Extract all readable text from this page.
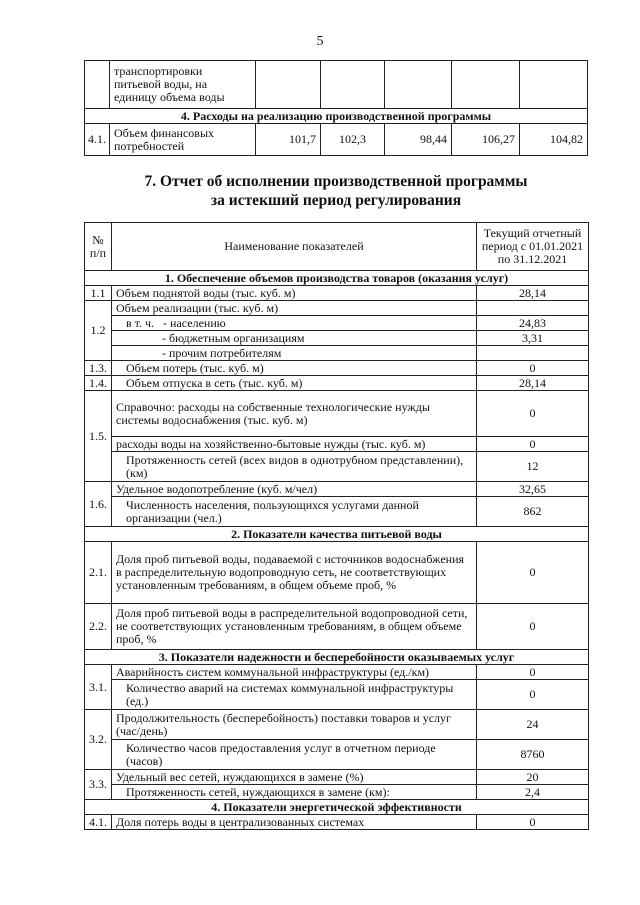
5
	транспортировки питьевой воды, на единицу объема воды					
4. Расходы на реализацию производственной программы						
4.1.	Объем финансовых потребностей	101,7	102,3	98,44	106,27	104,82
7. Отчет об исполнении производственной программы
за истекший период регулирования
№ п/п	Наименование показателей	Текущий отчетный период с 01.01.2021 по 31.12.2021
1. Обеспечение объемов производства товаров (оказания услуг)		
1.1	Объем поднятой воды (тыс. куб. м)	28,14
1.2	Объем реализации (тыс. куб. м)	
	в т. ч. - населению	24,83
	- бюджетным организациям	3,31
	- прочим потребителям	
1.3.	Объем потерь (тыс. куб. м)	0
1.4.	Объем отпуска в сеть (тыс. куб. м)	28,14
1.5.	Справочно: расходы на собственные технологические нужды системы водоснабжения (тыс. куб. м)	0
	расходы воды на хозяйственно-бытовые нужды (тыс. куб. м)	0
	Протяженность сетей (всех видов в однотрубном представлении), (км)	12
1.6.	Удельное водопотребление (куб. м/чел)	32,65
	Численность населения, пользующихся услугами данной организации (чел.)	862
2. Показатели качества питьевой воды		
2.1.	Доля проб питьевой воды, подаваемой с источников водоснабжения в распределительную водопроводную сеть, не соответствующих установленным требованиям, в общем объеме проб, %	0
2.2.	Доля проб питьевой воды в распределительной водопроводной сети, не соответствующих установленным требованиям, в общем объеме проб, %	0
3. Показатели надежности и бесперебойности оказываемых услуг		
3.1.	Аварийность систем коммунальной инфраструктуры (ед./км)	0
	Количество аварий на системах коммунальной инфраструктуры (ед.)	0
3.2.	Продолжительность (бесперебойность) поставки товаров и услуг (час/день)	24
	Количество часов предоставления услуг в отчетном периоде (часов)	8760
3.3.	Удельный вес сетей, нуждающихся в замене (%)	20
	Протяженность сетей, нуждающихся в замене (км):	2,4
4. Показатели энергетической эффективности		
4.1.	Доля потерь воды в централизованных системах	0
